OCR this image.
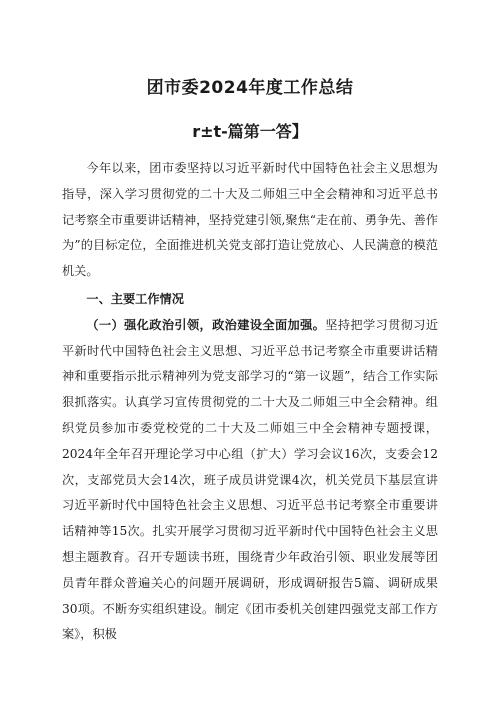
团市委2024年度工作总结
r±t-篇第一答】

今年以来，团市委坚持以习近平新时代中国特色社会主义思想为指导，深入学习贯彻党的二十大及二师姐三中全会精神和习近平总书记考察全市重要讲话精神，坚持党建引领,聚焦“走在前、勇争先、善作为”的目标定位，全面推进机关党支部打造让党放心、人民满意的模范机关。

一、主要工作情况

（一）强化政治引领，政治建设全面加强。坚持把学习贯彻习近平新时代中国特色社会主义思想、习近平总书记考察全市重要讲话精神和重要指示批示精神列为党支部学习的“第一议题”，结合工作实际狠抓落实。认真学习宣传贯彻党的二十大及二师姐三中全会精神。组织党员参加市委党校党的二十大及二师姐三中全会精神专题授课，2024年全年召开理论学习中心组（扩大）学习会议16次，支委会12次，支部党员大会14次，班子成员讲党课4次，机关党员下基层宣讲习近平新时代中国特色社会主义思想、习近平总书记考察全市重要讲话精神等15次。扎实开展学习贯彻习近平新时代中国特色社会主义思想主题教育。召开专题读书班，围绕青少年政治引领、职业发展等团员青年群众普遍关心的问题开展调研，形成调研报告5篇、调研成果30项。不断夯实组织建设。制定《团市委机关创建四强党支部工作方案》，积极
